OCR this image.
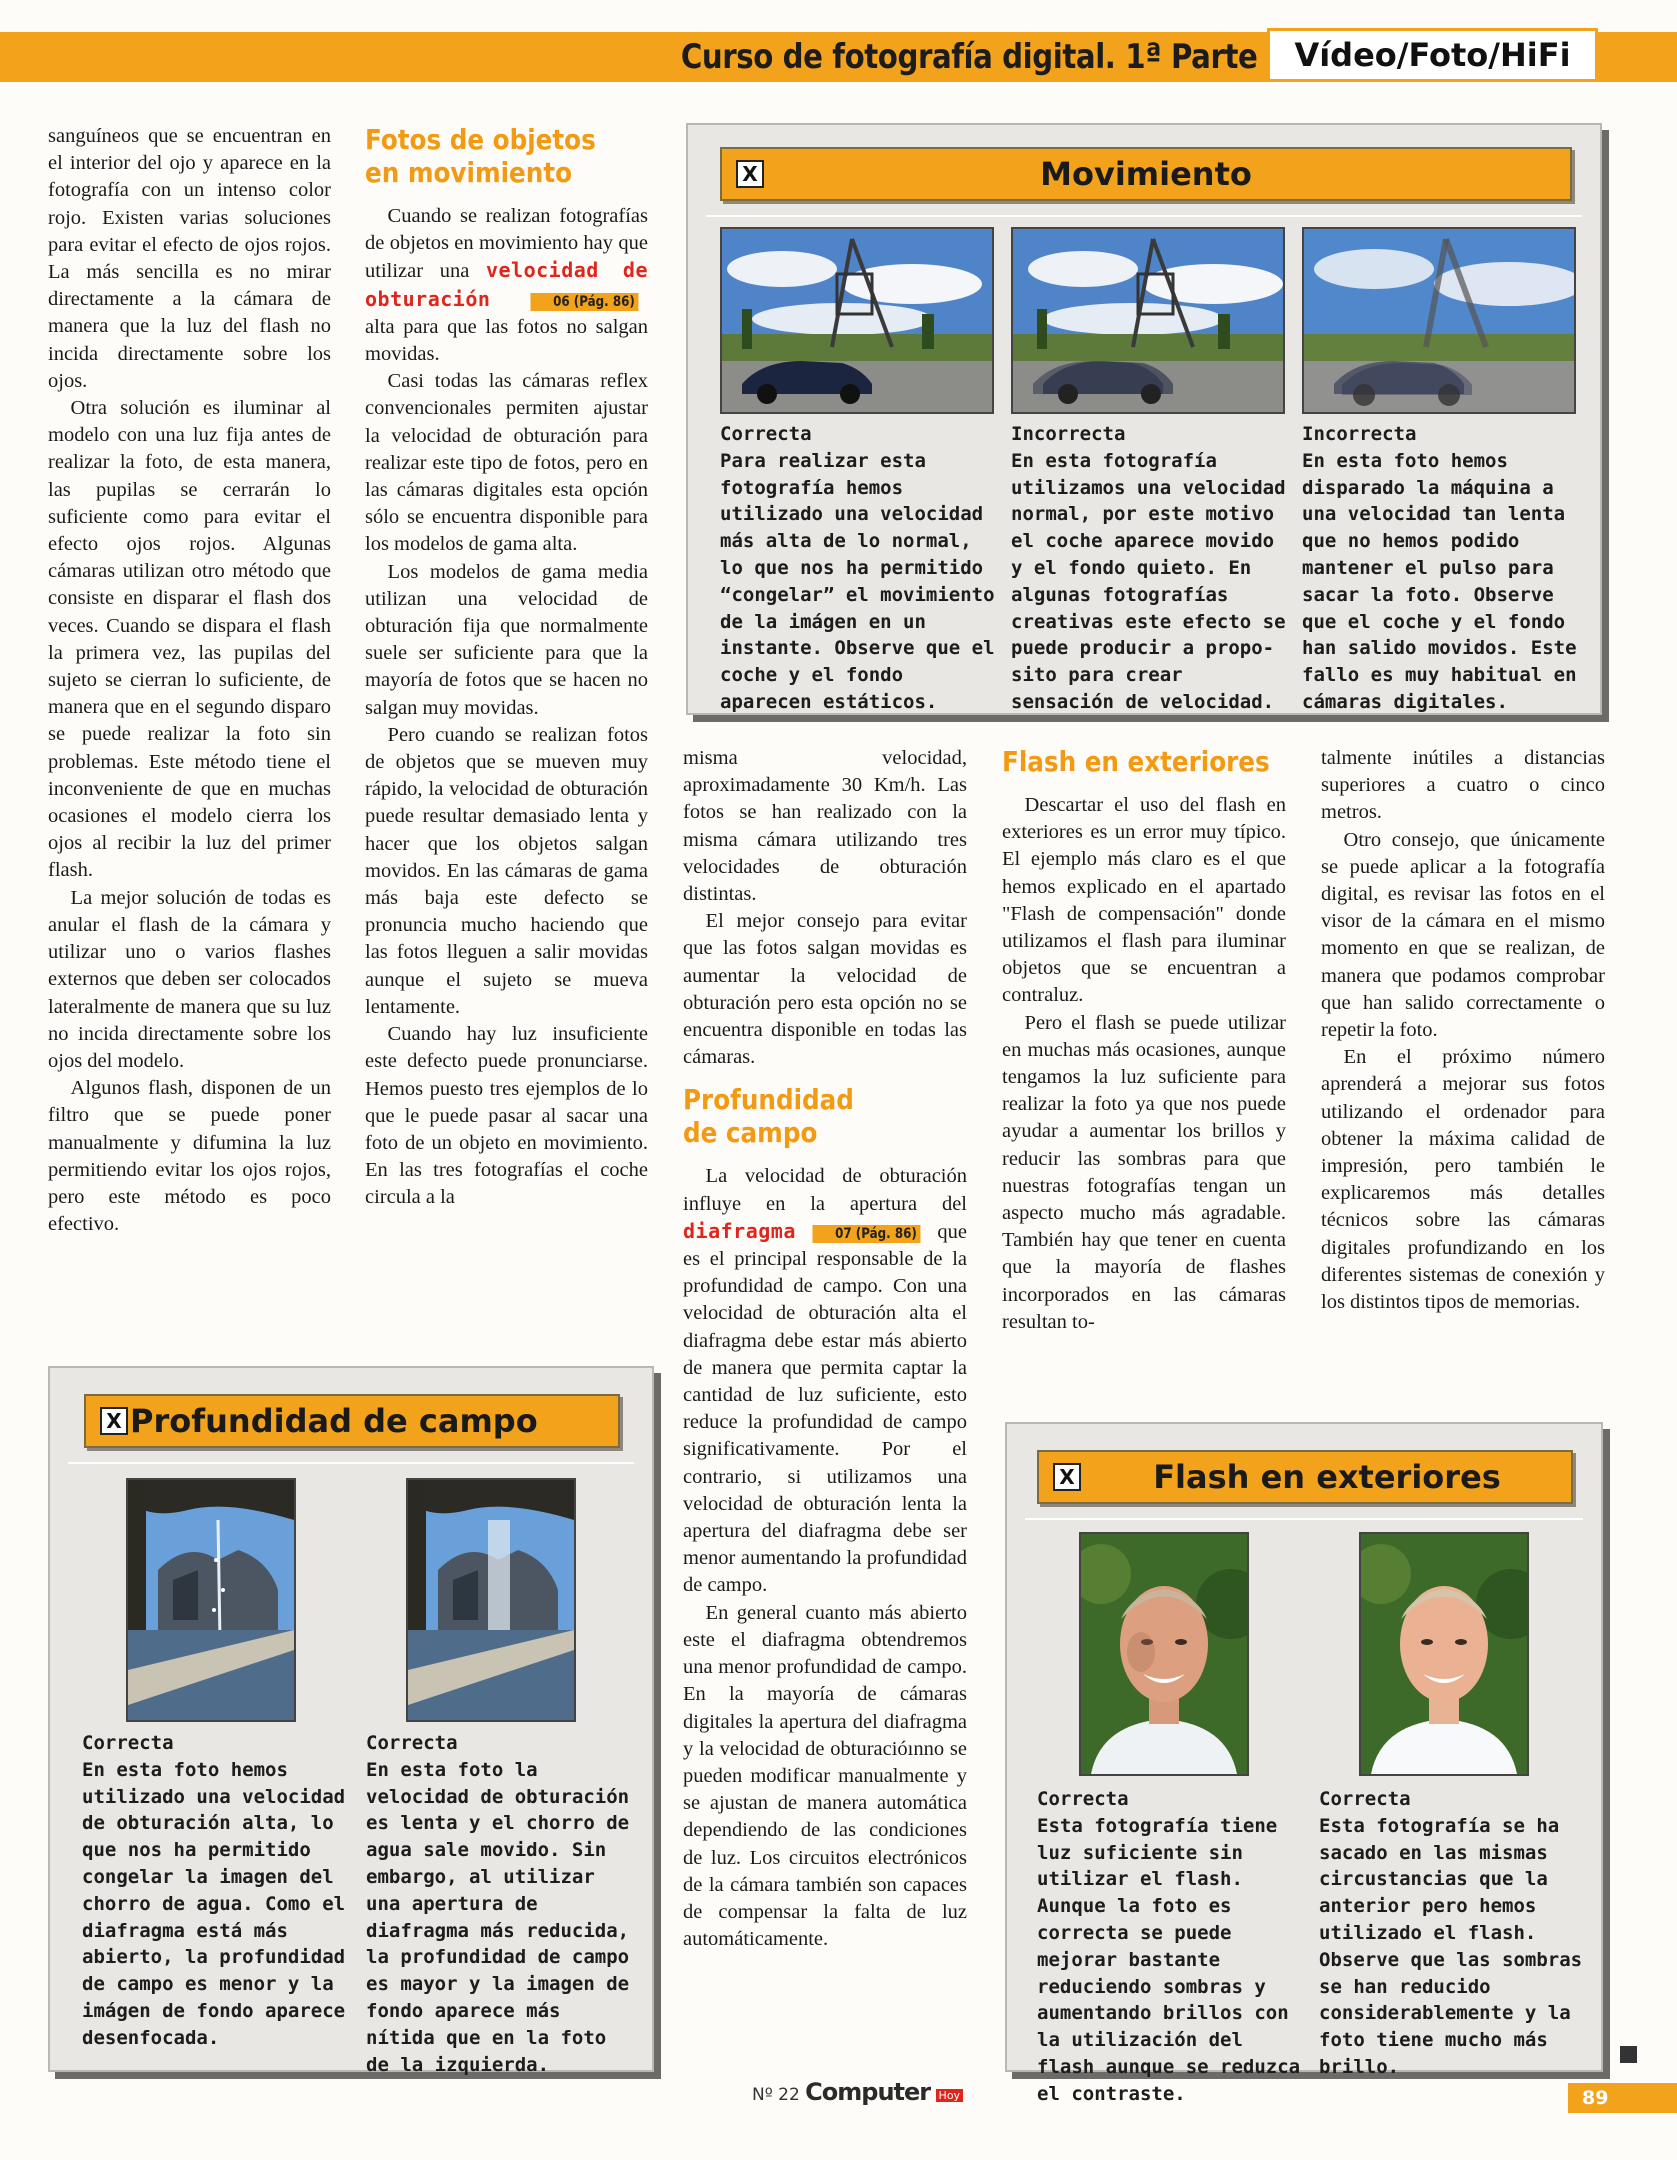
Curso de fotografía digital. 1ª Parte	Vídeo/Foto/HiFi

sanguíneos que se encuentran en el interior del ojo y aparece en la fotografía con un intenso color rojo. Existen varias soluciones para evitar el efecto de ojos rojos. La más sencilla es no mirar directamente a la cámara de manera que la luz del flash no incida directamente sobre los ojos.

Otra solución es iluminar al modelo con una luz fija antes de realizar la foto, de esta manera, las pupilas se cerrarán lo suficiente como para evitar el efecto ojos rojos. Algunas cámaras utilizan otro método que consiste en disparar el flash dos veces. Cuando se dispara el flash la primera vez, las pupilas del sujeto se cierran lo suficiente, de manera que en el segundo disparo se puede realizar la foto sin problemas. Este método tiene el inconveniente de que en muchas ocasiones el modelo cierra los ojos al recibir la luz del primer flash.

La mejor solución de todas es anular el flash de la cámara y utilizar uno o varios flashes externos que deben ser colocados lateralmente de manera que su luz no incida directamente sobre los ojos del modelo.

Algunos flash, disponen de un filtro que se puede poner manualmente y difumina la luz permitiendo evitar los ojos rojos, pero este método es poco efectivo.

Fotos de objetos
en movimiento

Cuando se realizan fotografías de objetos en movimiento hay que utilizar una velocidad de obturación	06 (Pág. 86) alta para que las fotos no salgan movidas.

Casi todas las cámaras reflex convencionales permiten ajustar la velocidad de obturación para realizar este tipo de fotos, pero en las cámaras digitales esta opción sólo se encuentra disponible para los modelos de gama alta.

Los modelos de gama media utilizan una velocidad de obturación fija que normalmente suele ser suficiente para que la mayoría de fotos que se hacen no salgan muy movidas.

Pero cuando se realizan fotos de objetos que se mueven muy rápido, la velocidad de obturación puede resultar demasiado lenta y hacer que los objetos salgan movidos. En las cámaras de gama más baja este defecto se pronuncia mucho haciendo que las fotos lleguen a salir movidas aunque el sujeto se mueva lentamente.

Cuando hay luz insuficiente este defecto puede pronunciarse. Hemos puesto tres ejemplos de lo que le puede pasar al sacar una foto de un objeto en movimiento. En las tres fotografías el coche circula a la

misma velocidad, aproximadamente 30 Km/h. Las fotos se han realizado con la misma cámara utilizando tres velocidades de obturación distintas.

El mejor consejo para evitar que las fotos salgan movidas es aumentar la velocidad de obturación pero esta opción no se encuentra disponible en todas las cámaras.

Profundidad
de campo

La velocidad de obturación influye en la apertura del diafragma	07 (Pág. 86) que es el principal responsable de la profundidad de campo. Con una velocidad de obturación alta el diafragma debe estar más abierto de manera que permita captar la cantidad de luz suficiente, esto reduce la profundidad de campo significativamente. Por el contrario, si utilizamos una velocidad de obturación lenta la apertura del diafragma debe ser menor aumentando la profundidad de campo.

En general cuanto más abierto este el diafragma obtendremos una menor profundidad de campo. En la mayoría de cámaras digitales la apertura del diafragma y la velocidad de obturacióınno se pueden modificar manualmente y se ajustan de manera automática dependiendo de las condiciones de luz. Los circuitos electrónicos de la cámara también son capaces de compensar la falta de luz automáticamente.

Flash en exteriores

Descartar el uso del flash en exteriores es un error muy típico. El ejemplo más claro es el que hemos explicado en el apartado "Flash de compensación" donde utilizamos el flash para iluminar objetos que se encuentran a contraluz.

Pero el flash se puede utilizar en muchas más ocasiones, aunque tengamos la luz suficiente para realizar la foto ya que nos puede ayudar a aumentar los brillos y reducir las sombras para que nuestras fotografías tengan un aspecto mucho más agradable. También hay que tener en cuenta que la mayoría de flashes incorporados en las cámaras resultan to-

talmente inútiles a distancias superiores a cuatro o cinco metros.

Otro consejo, que únicamente se puede aplicar a la fotografía digital, es revisar las fotos en el visor de la cámara en el mismo momento en que se realizan, de manera que podamos comprobar que han salido correctamente o repetir la foto.

En el próximo número aprenderá a mejorar sus fotos utilizando el ordenador para obtener la máxima calidad de impresión, pero también le explicaremos más detalles técnicos sobre las cámaras digitales profundizando en los diferentes sistemas de conexión y los distintos tipos de memorias.

X	Movimiento
Correcta
Para realizar esta fotografía hemos utilizado una velocidad más alta de lo normal, lo que nos ha permitido “congelar” el movimiento de la imágen en un instante. Observe que el coche y el fondo aparecen estáticos.
Incorrecta
En esta fotografía utilizamos una velocidad normal, por este motivo el coche aparece movido y el fondo quieto. En algunas fotografías creativas este efecto se puede producir a propo- sito para crear sensación de velocidad.
Incorrecta
En esta foto hemos disparado la máquina a una velocidad tan lenta que no hemos podido mantener el pulso para sacar la foto. Observe que el coche y el fondo han salido movidos. Este fallo es muy habitual en cámaras digitales.
X Profundidad de campo
Correcta
En esta foto hemos utilizado una velocidad de obturación alta, lo que nos ha permitido congelar la imagen del chorro de agua. Como el diafragma está más abierto, la profundidad de campo es menor y la imágen de fondo aparece desenfocada.
Correcta
En esta foto la velocidad de obturación es lenta y el chorro de agua sale movido. Sin embargo, al utilizar una apertura de diafragma más reducida, la profundidad de campo es mayor y la imagen de fondo aparece más nítida que en la foto de la izquierda.
X	Flash en exteriores
Correcta
Esta fotografía tiene luz suficiente sin utilizar el flash. Aunque la foto es correcta se puede mejorar bastante reduciendo sombras y aumentando brillos con la utilización del flash aunque se reduzca el contraste.
Correcta
Esta fotografía se ha sacado en las mismas circustancias que la anterior pero hemos utilizado el flash. Observe que las sombras se han reducido considerablemente y la foto tiene mucho más brillo.
Nº 22 Computer Hoy	89
